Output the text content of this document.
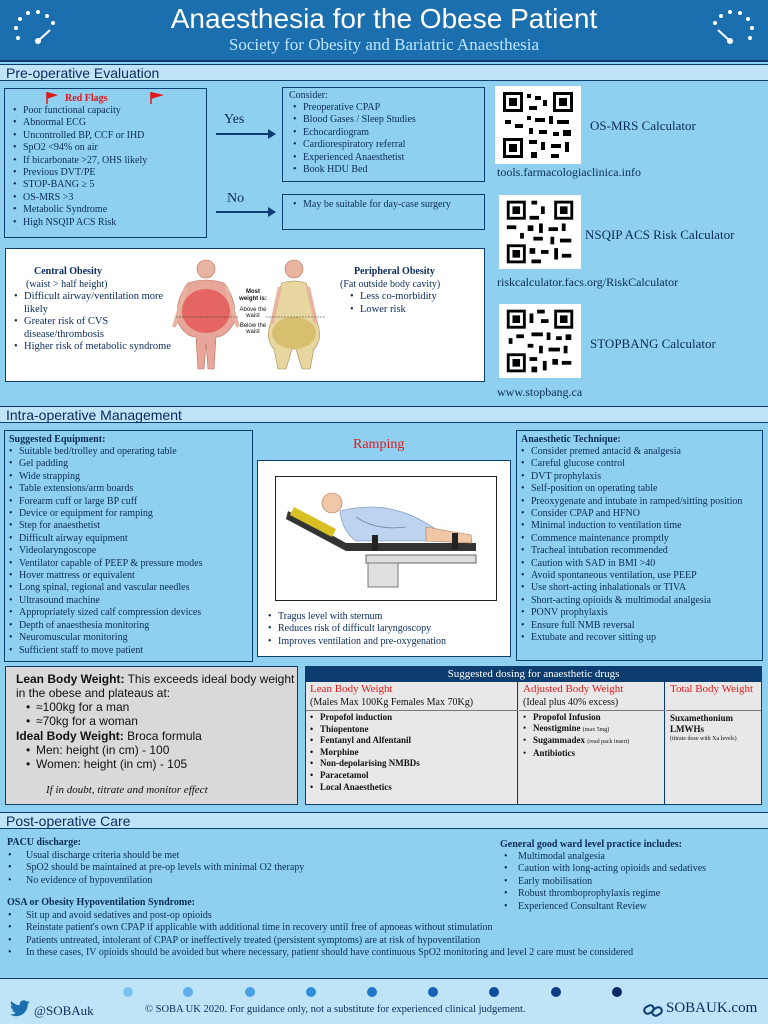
Anaesthesia for the Obese Patient
Society for Obesity and Bariatric Anaesthesia
Pre-operative Evaluation
Red Flags
• Poor functional capacity
• Abnormal ECG
• Uncontrolled BP, CCF or IHD
• SpO2 <94% on air
• If bicarbonate >27, OHS likely
• Previous DVT/PE
• STOP-BANG ≥ 5
• OS-MRS >3
• Metabolic Syndrome
• High NSQIP ACS Risk
Yes
No
Consider:
• Preoperative CPAP
• Blood Gases / Sleep Studies
• Echocardiogram
• Cardiorespiratory referral
• Experienced Anaesthetist
• Book HDU Bed
• May be suitable for day-case surgery
Central Obesity
(waist > half height)
• Difficult airway/ventilation more likely
• Greater risk of CVS disease/thrombosis
• Higher risk of metabolic syndrome
Most weight is:
Above the waist
Below the waist
Peripheral Obesity
(Fat outside body cavity)
• Less co-morbidity
• Lower risk
OS-MRS Calculator
tools.farmacologiaclinica.info
NSQIP ACS Risk Calculator
riskcalculator.facs.org/RiskCalculator
STOPBANG Calculator
www.stopbang.ca
Intra-operative Management
Suggested Equipment:
• Suitable bed/trolley and operating table
• Gel padding
• Wide strapping
• Table extensions/arm boards
• Forearm cuff or large BP cuff
• Device or equipment for ramping
• Step for anaesthetist
• Difficult airway equipment
• Videolaryngoscope
• Ventilator capable of PEEP & pressure modes
• Hover mattress or equivalent
• Long spinal, regional and vascular needles
• Ultrasound machine
• Appropriately sized calf compression devices
• Depth of anaesthesia monitoring
• Neuromuscular monitoring
• Sufficient staff to move patient
Ramping
• Tragus level with sternum
• Reduces risk of difficult laryngoscopy
• Improves ventilation and pre-oxygenation
Anaesthetic Technique:
• Consider premed antacid & analgesia
• Careful glucose control
• DVT prophylaxis
• Self-position on operating table
• Preoxygenate and intubate in ramped/sitting position
• Consider CPAP and HFNO
• Minimal induction to ventilation time
• Commence maintenance promptly
• Tracheal intubation recommended
• Caution with SAD in BMI >40
• Avoid spontaneous ventilation, use PEEP
• Use short-acting inhalationals or TIVA
• Short-acting opioids & multimodal analgesia
• PONV prophylaxis
• Ensure full NMB reversal
• Extubate and recover sitting up
Lean Body Weight: This exceeds ideal body weight in the obese and plateaus at:
• ≈100kg for a man
• ≈70kg for a woman
Ideal Body Weight: Broca formula
• Men: height (in cm) - 100
• Women: height (in cm) - 105
If in doubt, titrate and monitor effect
Suggested dosing for anaesthetic drugs
Lean Body Weight
(Males Max 100Kg Females Max 70Kg)
• Propofol induction
• Thiopentone
• Fentanyl and Alfentanil
• Morphine
• Non-depolarising NMBDs
• Paracetamol
• Local Anaesthetics
Adjusted Body Weight
(Ideal plus 40% excess)
• Propofol Infusion
• Neostigmine (max 5mg)
• Sugammadex (read pack insert)
• Antibiotics
Total Body Weight
Suxamethonium
LMWHs
(titrate dose with Xa levels)
Post-operative Care
PACU discharge:
• Usual discharge criteria should be met
• SpO2 should be maintained at pre-op levels with minimal O2 therapy
• No evidence of hypoventilation
OSA or Obesity Hypoventilation Syndrome:
• Sit up and avoid sedatives and post-op opioids
• Reinstate patient's own CPAP if applicable with additional time in recovery until free of apnoeas without stimulation
• Patients untreated, intolerant of CPAP or ineffectively treated (persistent symptoms) are at risk of hypoventilation
• In these cases, IV opioids should be avoided but where necessary, patient should have continuous SpO2 monitoring and level 2 care must be considered
General good ward level practice includes:
• Multimodal analgesia
• Caution with long-acting opioids and sedatives
• Early mobilisation
• Robust thromboprophylaxis regime
• Experienced Consultant Review
@SOBAuk	© SOBA UK 2020. For guidance only, not a substitute for experienced clinical judgement.	SOBAUK.com
